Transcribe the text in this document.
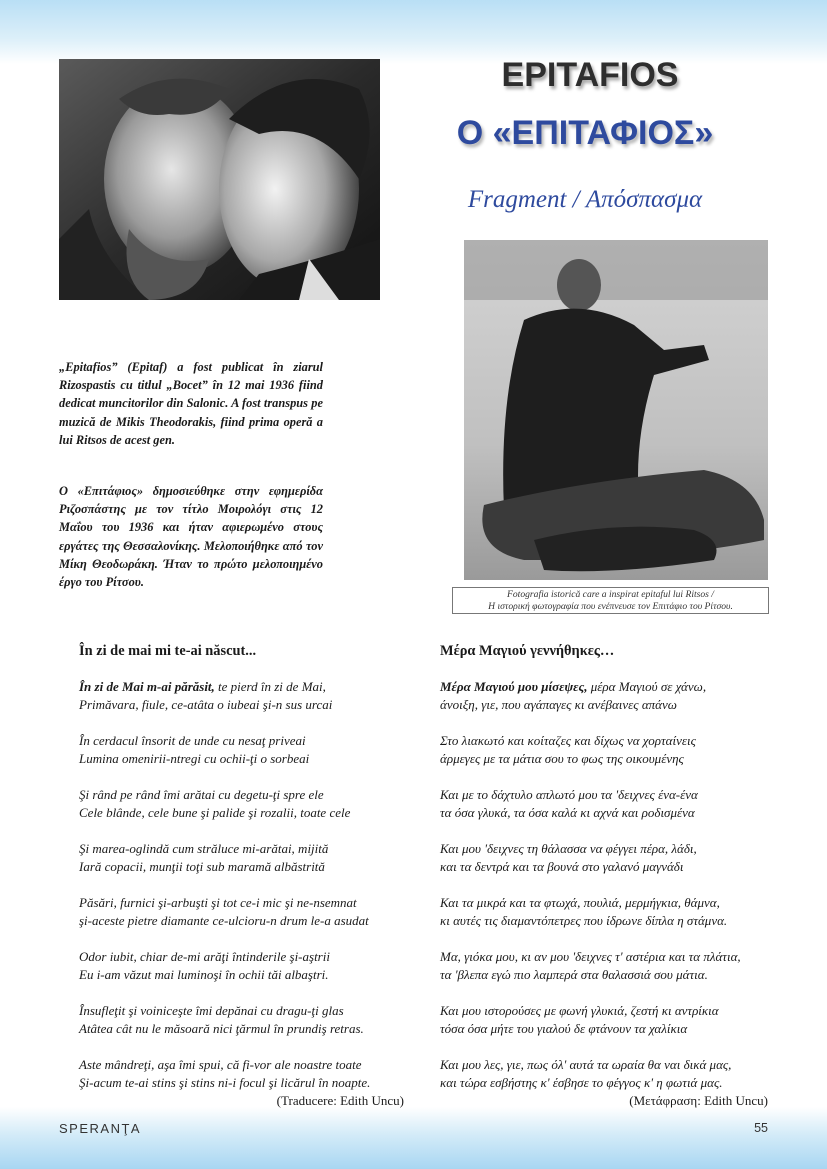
EPITAFIOS
Ο «ΕΠΙΤΑΦΙΟΣ»
Fragment / Απόσπασμα
„Epitafios” (Epitaf) a fost publicat în ziarul Rizospastis cu titlul „Bocet” în 12 mai 1936 fiind dedicat muncitorilor din Salonic. A fost transpus pe muzică de Mikis Theodorakis, fiind prima operă a lui Ritsos de acest gen.
Ο «Επιτάφιος» δημοσιεύθηκε στην εφημερίδα Ριζοσπάστης με τον τίτλο Μοιρολόγι στις 12 Μαΐου του 1936 και ήταν αφιερωμένο στους εργάτες της Θεσσαλονίκης. Μελοποιήθηκε από τον Μίκη Θεοδωράκη. Ήταν το πρώτο μελοποιημένο έργο του Ρίτσου.
Fotografia istorică care a inspirat epitaful lui Ritsos /
Η ιστορική φωτογραφία που ενέπνευσε τον Επιτάφιο του Ρίτσου.
În zi de mai mi te-ai născut...
În zi de Mai m-ai părăsit, te pierd în zi de Mai,
Primăvara, fiule, ce-atâta o iubeai şi-n sus urcai
În cerdacul însorit de unde cu nesaţ priveai
Lumina omenirii-ntregi cu ochii-ţi o sorbeai
Şi rând pe rând îmi arătai cu degetu-ţi spre ele
Cele blânde, cele bune şi palide şi rozalii, toate cele
Şi marea-oglindă cum străluce mi-arătai, mijită
Iară copacii, munţii toţi sub maramă albăstrită
Păsări, furnici şi-arbuşti şi tot ce-i mic şi ne-nsemnat
şi-aceste pietre diamante ce-ulcioru-n drum le-a asudat
Odor iubit, chiar de-mi arăţi întinderile şi-aştrii
Eu i-am văzut mai luminoşi în ochii tăi albaştri.
Însufleţit şi voiniceşte îmi depănai cu dragu-ţi glas
Atâtea cât nu le măsoară nici ţărmul în prundiş retras.
Aste mândreţi, aşa îmi spui, că fi-vor ale noastre toate
Şi-acum te-ai stins şi stins ni-i focul şi licărul în noapte.
(Traducere: Edith Uncu)
Μέρα Μαγιού γεννήθηκες…
Μέρα Μαγιού μου μίσεψες, μέρα Μαγιού σε χάνω,
άνοιξη, γιε, που αγάπαγες κι ανέβαινες απάνω
Στο λιακωτό και κοίταζες και δίχως να χορταίνεις
άρμεγες με τα μάτια σου το φως της οικουμένης
Και με το δάχτυλο απλωτό μου τα 'δειχνες ένα-ένα
τα όσα γλυκά, τα όσα καλά κι αχνά και ροδισμένα
Και μου 'δειχνες τη θάλασσα να φέγγει πέρα, λάδι,
και τα δεντρά και τα βουνά στο γαλανό μαγνάδι
Και τα μικρά και τα φτωχά, πουλιά, μερμήγκια, θάμνα,
κι αυτές τις διαμαντόπετρες που ίδρωνε δίπλα η στάμνα.
Μα, γιόκα μου, κι αν μου 'δειχνες τ' αστέρια και τα πλάτια,
τα 'βλεπα εγώ πιο λαμπερά στα θαλασσιά σου μάτια.
Και μου ιστορούσες με φωνή γλυκιά, ζεστή κι αντρίκια
τόσα όσα μήτε του γιαλού δε φτάνουν τα χαλίκια
Και μου λες, γιε, πως όλ' αυτά τα ωραία θα ναι δικά μας,
και τώρα εσβήστης κ' έσβησε το φέγγος κ' η φωτιά μας.
(Μετάφραση: Edith Uncu)
SPERANŢA	55
